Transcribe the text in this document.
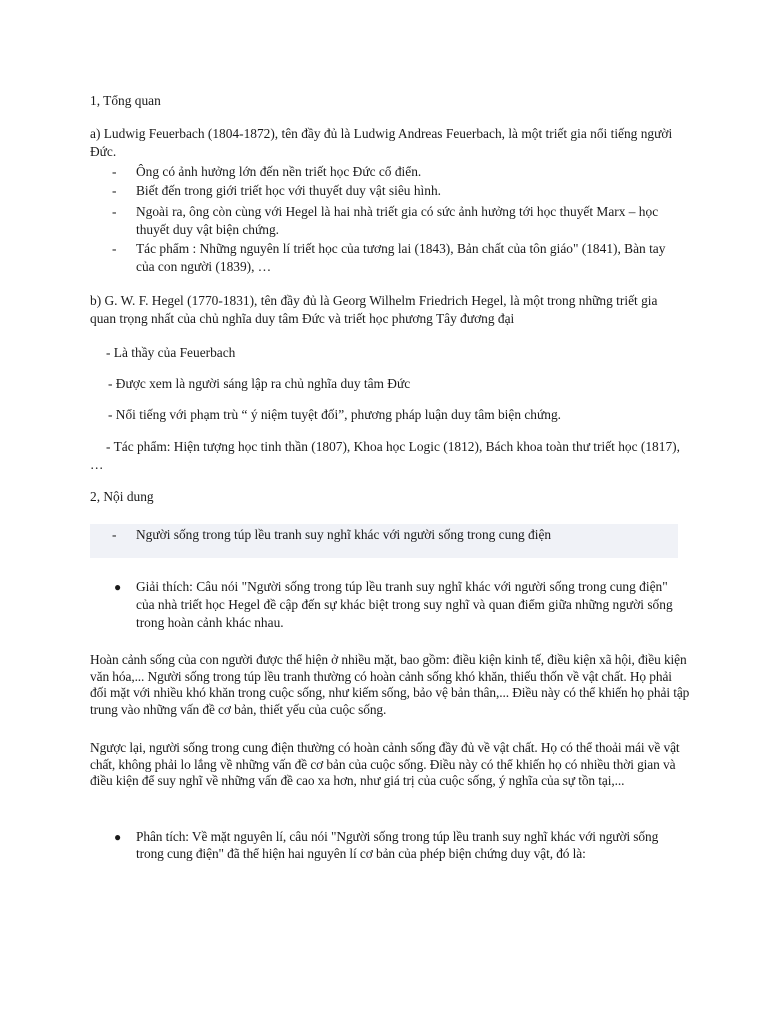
1, Tổng quan

a) Ludwig Feuerbach (1804-1872), tên đầy đủ là Ludwig Andreas Feuerbach, là một triết gia nổi tiếng người Đức.

- Ông có ảnh hưởng lớn đến nền triết học Đức cổ điển.
- Biết đến trong giới triết học với thuyết duy vật siêu hình.
- Ngoài ra, ông còn cùng với Hegel là hai nhà triết gia có sức ảnh hưởng tới học thuyết Marx – học thuyết duy vật biện chứng.
- Tác phẩm : Những nguyên lí triết học của tương lai (1843), Bản chất của tôn giáo" (1841), Bàn tay của con người (1839), …

b) G. W. F. Hegel (1770-1831), tên đầy đủ là Georg Wilhelm Friedrich Hegel, là một trong những triết gia quan trọng nhất của chủ nghĩa duy tâm Đức và triết học phương Tây đương đại

- Là thầy của Feuerbach

- Được xem là người sáng lập ra chủ nghĩa duy tâm Đức

- Nổi tiếng với phạm trù “ ý niệm tuyệt đối”, phương pháp luận duy tâm biện chứng.

- Tác phẩm: Hiện tượng học tinh thần (1807), Khoa học Logic (1812), Bách khoa toàn thư triết học (1817), …

2, Nội dung

- Người sống trong túp lều tranh suy nghĩ khác với người sống trong cung điện
● Giải thích: Câu nói "Người sống trong túp lều tranh suy nghĩ khác với người sống trong cung điện" của nhà triết học Hegel đề cập đến sự khác biệt trong suy nghĩ và quan điểm giữa những người sống trong hoàn cảnh khác nhau.

Hoàn cảnh sống của con người được thể hiện ở nhiều mặt, bao gồm: điều kiện kinh tế, điều kiện xã hội, điều kiện văn hóa,... Người sống trong túp lều tranh thường có hoàn cảnh sống khó khăn, thiếu thốn về vật chất. Họ phải đối mặt với nhiều khó khăn trong cuộc sống, như kiếm sống, bảo vệ bản thân,... Điều này có thể khiến họ phải tập trung vào những vấn đề cơ bản, thiết yếu của cuộc sống.

Ngược lại, người sống trong cung điện thường có hoàn cảnh sống đầy đủ về vật chất. Họ có thể thoải mái về vật chất, không phải lo lắng về những vấn đề cơ bản của cuộc sống. Điều này có thể khiến họ có nhiều thời gian và điều kiện để suy nghĩ về những vấn đề cao xa hơn, như giá trị của cuộc sống, ý nghĩa của sự tồn tại,...

● Phân tích: Về mặt nguyên lí, câu nói "Người sống trong túp lều tranh suy nghĩ khác với người sống trong cung điện" đã thể hiện hai nguyên lí cơ bản của phép biện chứng duy vật, đó là:
